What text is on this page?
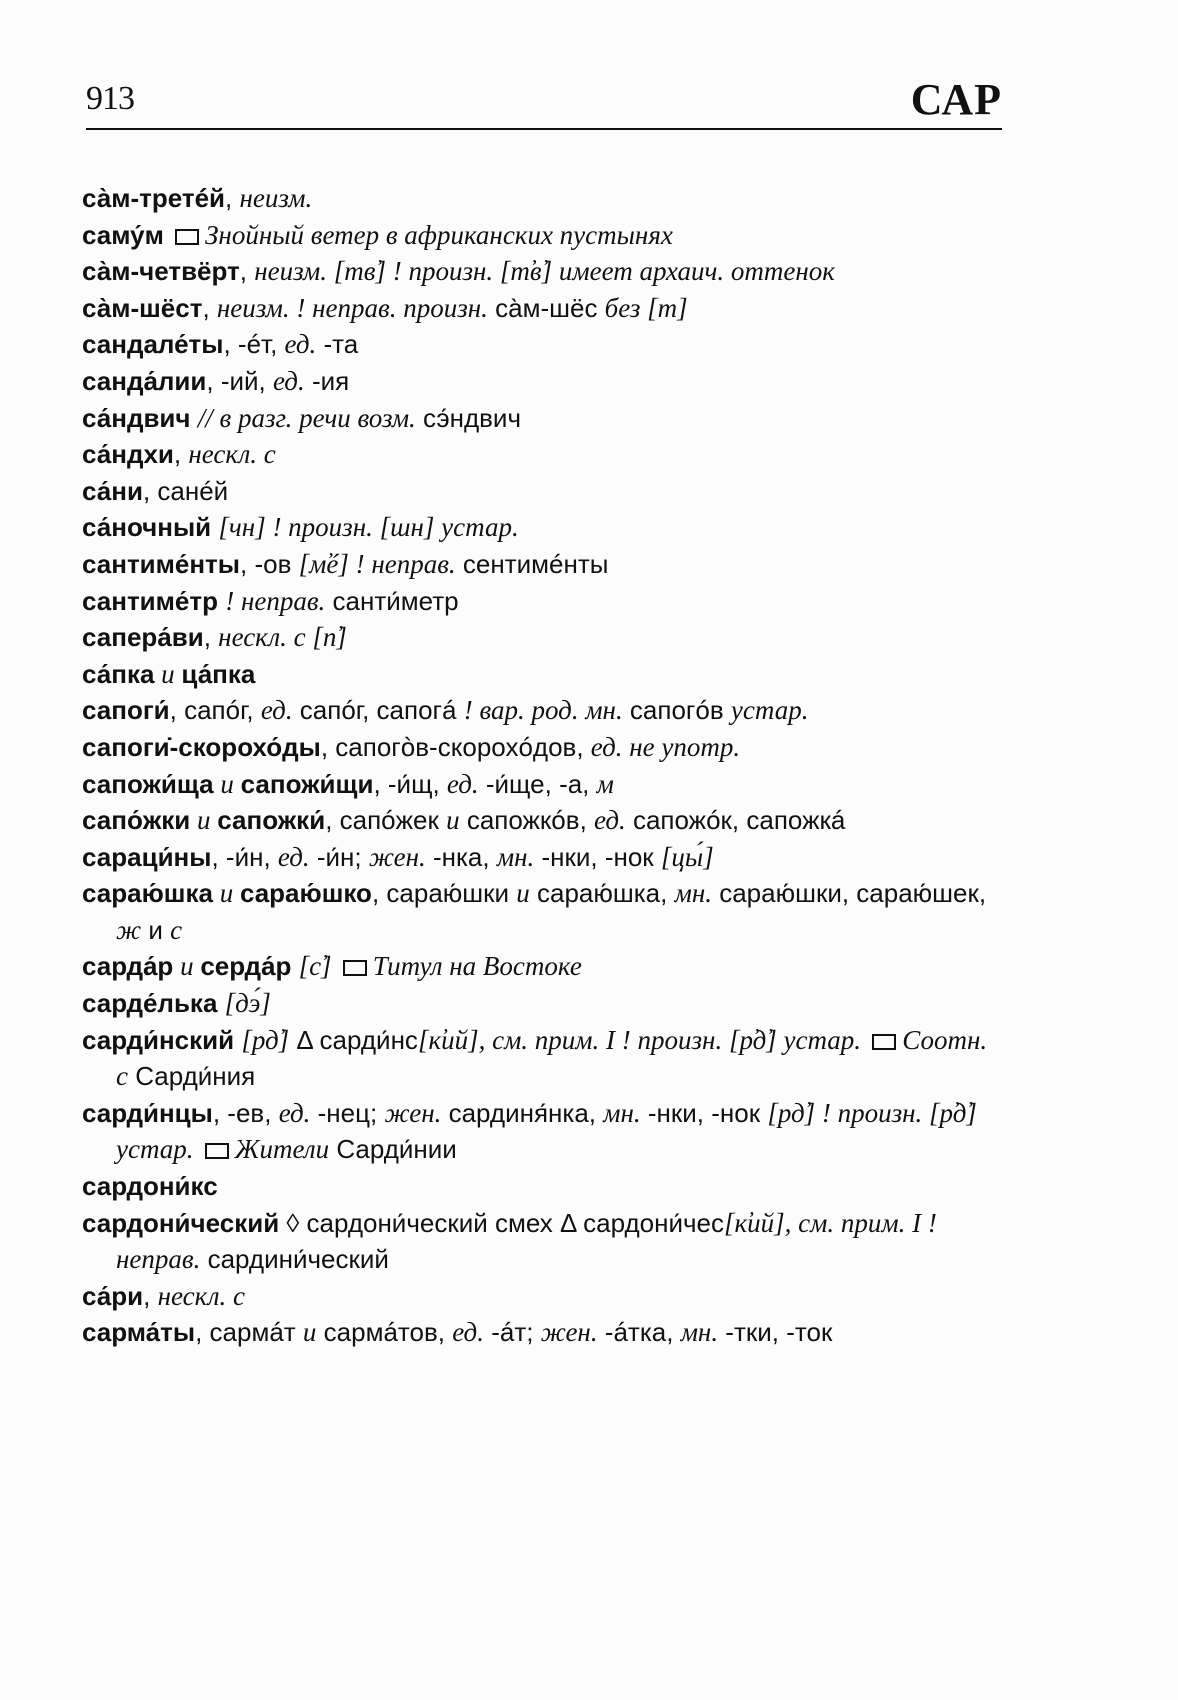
913	САР
са̀м-третéй, неизм.
саму́м Знойный ветер в африканских пустынях
са̀м-четвёрт, неизм. [тв̕] ! произн. [т̕в̕] имеет архаич. оттенок
са̀м-шёст, неизм. ! неправ. произн. са̀м-шёс без [т]
сандале́ты, -éт, ед. -та
санда́лии, -ий, ед. -ия
са́ндвич // в разг. речи возм. сэ́ндвич
са́ндхи, нескл. с
са́ни, санéй
са́ночный [чн] ! произн. [шн] устар.
сантиме́нты, -ов [м̕é] ! неправ. сентимéнты
сантиме́тр ! неправ. санти́метр
сапера́ви, нескл. с [п̕]
са́пка и ца́пка
сапоги́, сапóг, ед. сапóг, сапогá ! вар. род. мн. сапогóв устар.
сапоги̇-скорохо́ды, сапогòв-скорохóдов, ед. не употр.
сапожи́ща и сапожи́щи, -и́щ, ед. -и́ще, -а, м
сапо́жки и сапожки́, сапóжек и сапожкóв, ед. сапожóк, сапожкá
сараци́ны, -и́н, ед. -и́н; жен. -нка, мн. -нки, -нок [цы́]
сараю́шка и сараю́шко, сараю́шки и сараю́шка, мн. сараю́шки, сараю́шек, ж и с
сарда́р и серда́р [с̕] Титул на Востоке
сарде́лька [дэ́]
сарди́нский [рд̕] Δ сарди́нс[к̕ий], см. прим. I ! произн. [р̕д̕] устар. Соотн. с Сарди́ния
сарди́нцы, -ев, ед. -нец; жен. сардиня́нка, мн. -нки, -нок [рд̕] ! произн. [р̕д̕] устар. Жители Сарди́нии
сардони́кс
сардони́ческий ◊ сардони́ческий смех Δ сардони́чес[к̕ий], см. прим. I ! неправ. сардини́ческий
са́ри, нескл. с
сарма́ты, сармáт и сармáтов, ед. -áт; жен. -áтка, мн. -тки, -ток
